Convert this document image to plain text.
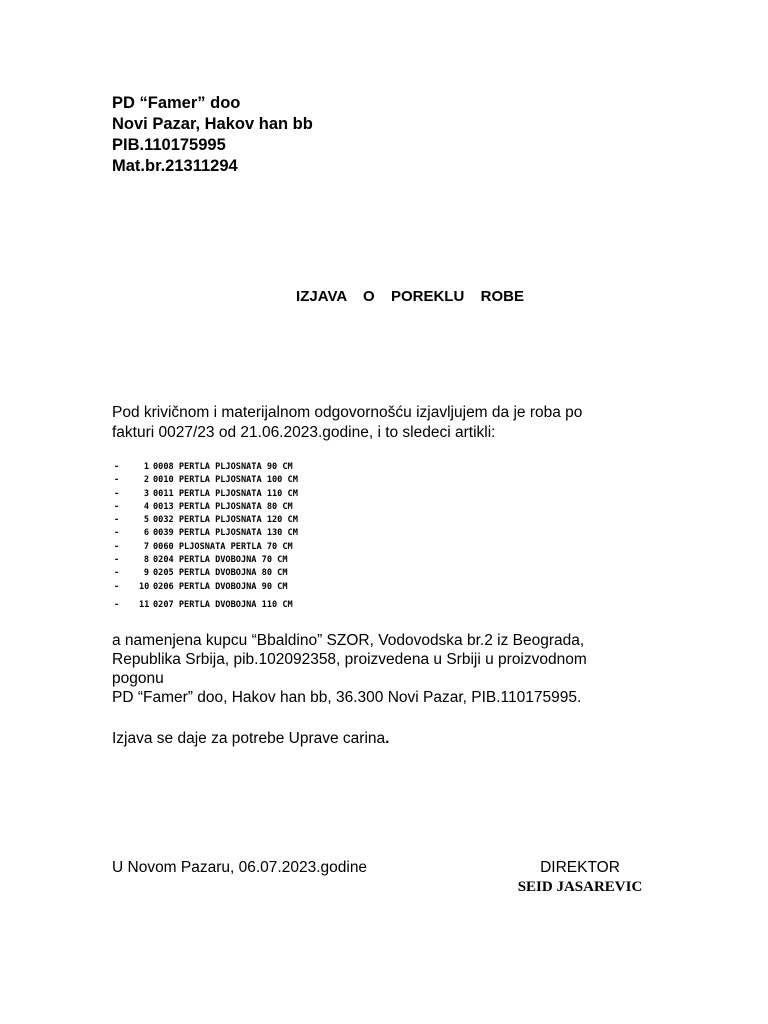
PD “Famer” doo
Novi Pazar, Hakov han bb
PIB.110175995
Mat.br.21311294
IZJAVA  O  POREKLU  ROBE
Pod krivičnom i materijalnom odgovornošću izjavljujem da je roba po
fakturi 0027/23 od 21.06.2023.godine, i to sledeci artikli:
-	1 0008 PERTLA PLJOSNATA 90 CM
-	2 0010 PERTLA PLJOSNATA 100 CM
-	3 0011 PERTLA PLJOSNATA 110 CM
-	4 0013 PERTLA PLJOSNATA 80 CM
-	5 0032 PERTLA PLJOSNATA 120 CM
-	6 0039 PERTLA PLJOSNATA 130 CM
-	7 0060 PLJOSNATA PERTLA 70 CM
-	8 0204 PERTLA DVOBOJNA 70 CM
-	9 0205 PERTLA DVOBOJNA 80 CM
-	10 0206 PERTLA DVOBOJNA 90 CM
-	11 0207 PERTLA DVOBOJNA 110 CM
a namenjena kupcu “Bbaldino” SZOR, Vodovodska br.2 iz Beograda,
Republika Srbija, pib.102092358, proizvedena u Srbiji u proizvodnom
pogonu
PD “Famer” doo, Hakov han bb, 36.300 Novi Pazar, PIB.110175995.
Izjava se daje za potrebe Uprave carina.
U Novom Pazaru, 06.07.2023.godine	DIREKTOR
SEID JASAREVIC
